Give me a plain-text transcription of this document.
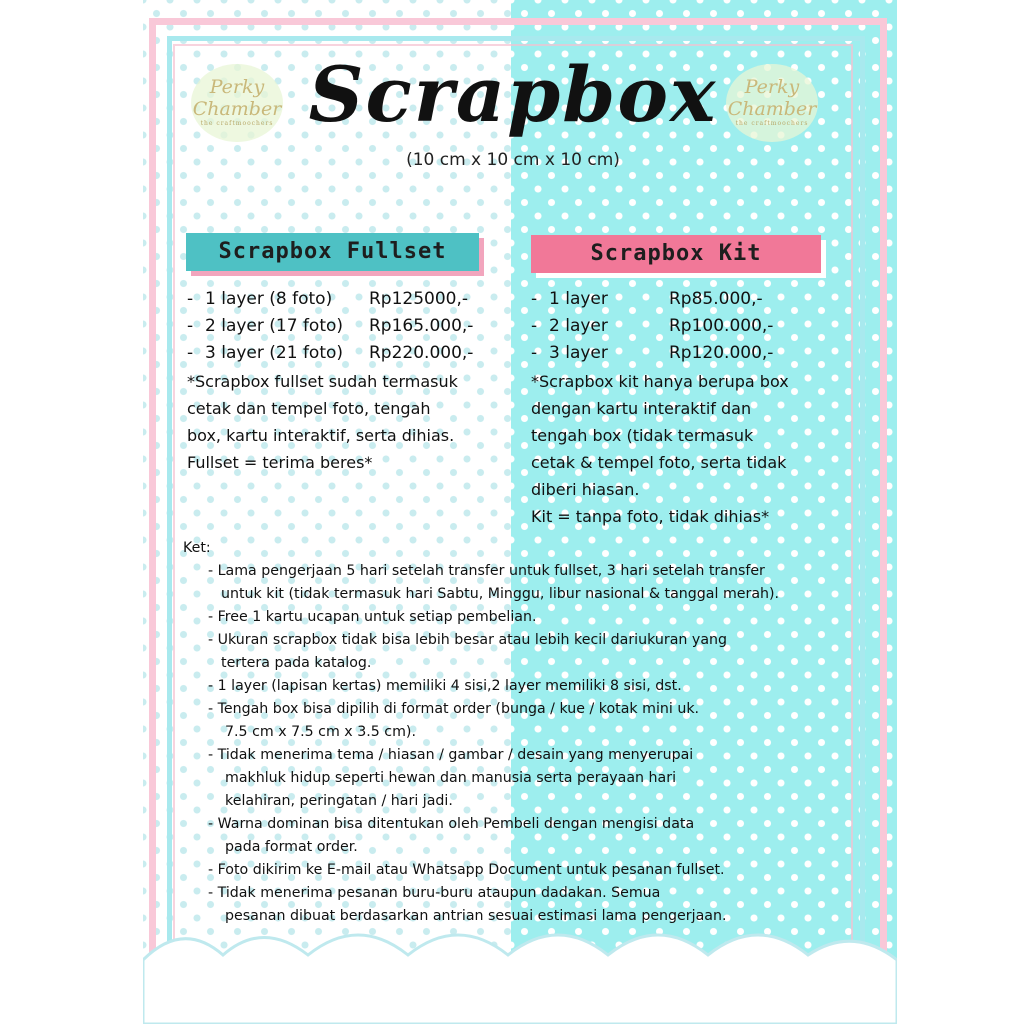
Perky
Chamber
the craftmoochers
Perky
Chamber
the craftmoochers
Scrapbox
(10 cm x 10 cm x 10 cm)
Scrapbox Fullset	Scrapbox Kit
- 1 layer (8 foto) Rp125000,-
- 2 layer (17 foto) Rp165.000,-
- 3 layer (21 foto) Rp220.000,-
- 1 layer	Rp85.000,-
- 2 layer	Rp100.000,-
- 3 layer	Rp120.000,-
*Scrapbox fullset sudah termasuk
cetak dan tempel foto, tengah
box, kartu interaktif, serta dihias.
Fullset = terima beres*
*Scrapbox kit hanya berupa box
dengan kartu interaktif dan
tengah box (tidak termasuk
cetak & tempel foto, serta tidak
diberi hiasan.
Kit = tanpa foto, tidak dihias*
Ket:
- Lama pengerjaan 5 hari setelah transfer untuk fullset, 3 hari setelah transfer
untuk kit (tidak termasuk hari Sabtu, Minggu, libur nasional & tanggal merah).
- Free 1 kartu ucapan untuk setiap pembelian.
- Ukuran scrapbox tidak bisa lebih besar atau lebih kecil dariukuran yang
tertera pada katalog.
- 1 layer (lapisan kertas) memiliki 4 sisi,2 layer memiliki 8 sisi, dst.
- Tengah box bisa dipilih di format order (bunga / kue / kotak mini uk.
7.5 cm x 7.5 cm x 3.5 cm).
- Tidak menerima tema / hiasan / gambar / desain yang menyerupai
makhluk hidup seperti hewan dan manusia serta perayaan hari
kelahiran, peringatan / hari jadi.
- Warna dominan bisa ditentukan oleh Pembeli dengan mengisi data
pada format order.
- Foto dikirim ke E-mail atau Whatsapp Document untuk pesanan fullset.
- Tidak menerima pesanan buru-buru ataupun dadakan. Semua
pesanan dibuat berdasarkan antrian sesuai estimasi lama pengerjaan.
